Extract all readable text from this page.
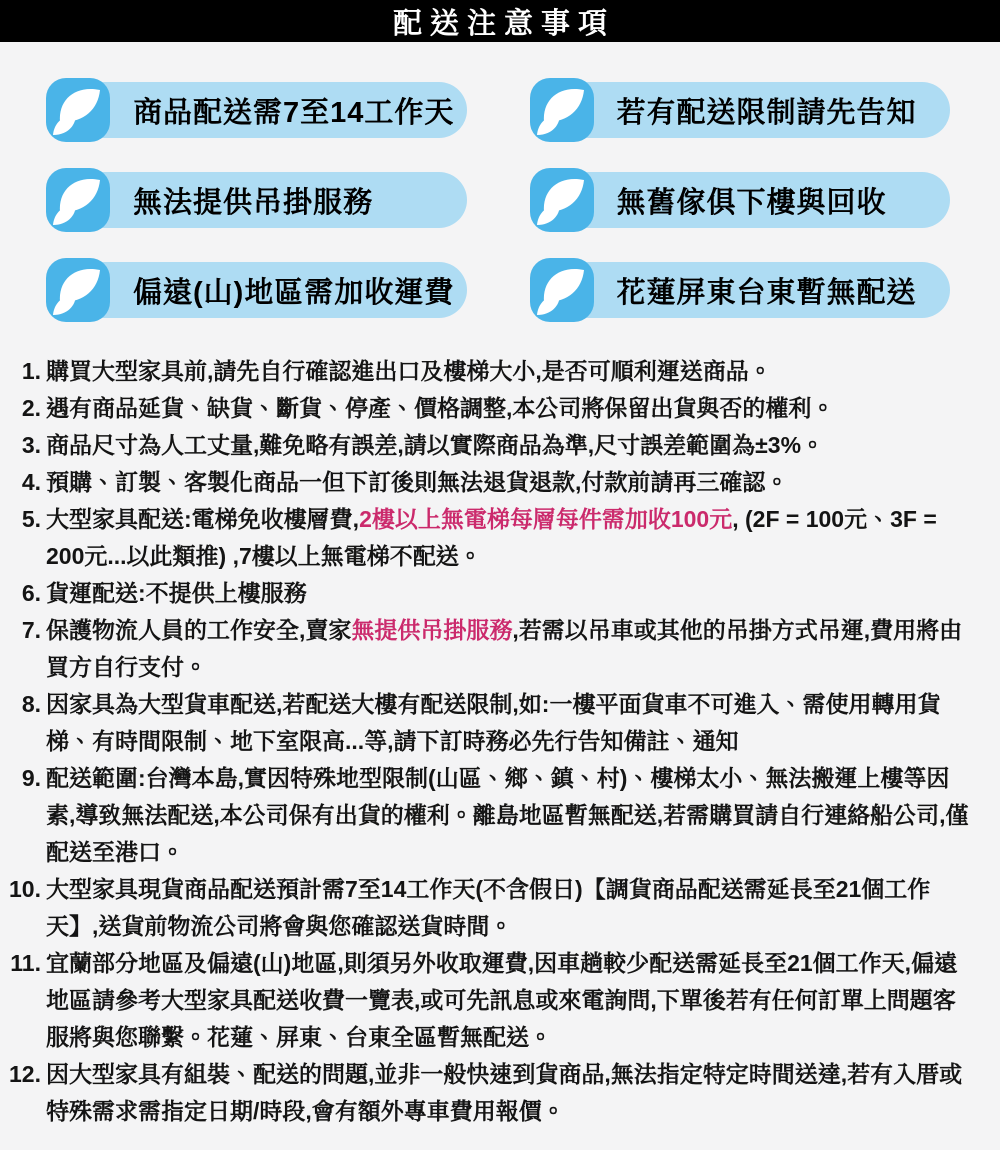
配送注意事項
商品配送需7至14工作天	若有配送限制請先告知
無法提供吊掛服務	無舊傢俱下樓與回收
偏遠(山)地區需加收運費	花蓮屏東台東暫無配送
1. 購買大型家具前,請先自行確認進出口及樓梯大小,是否可順利運送商品。
2. 遇有商品延貨、缺貨、斷貨、停產、價格調整,本公司將保留出貨與否的權利。
3. 商品尺寸為人工丈量,難免略有誤差,請以實際商品為準,尺寸誤差範圍為±3%。
4. 預購、訂製、客製化商品一但下訂後則無法退貨退款,付款前請再三確認。
5. 大型家具配送:電梯免收樓層費,2樓以上無電梯每層每件需加收100元, (2F = 100元、3F = 200元...以此類推) ,7樓以上無電梯不配送。
6. 貨運配送:不提供上樓服務
7. 保護物流人員的工作安全,賣家無提供吊掛服務,若需以吊車或其他的吊掛方式吊運,費用將由買方自行支付。
8. 因家具為大型貨車配送,若配送大樓有配送限制,如:一樓平面貨車不可進入、需使用轉用貨梯、有時間限制、地下室限高...等,請下訂時務必先行告知備註、通知
9. 配送範圍:台灣本島,實因特殊地型限制(山區、鄉、鎮、村)、樓梯太小、無法搬運上樓等因素,導致無法配送,本公司保有出貨的權利。離島地區暫無配送,若需購買請自行連絡船公司,僅配送至港口。
10. 大型家具現貨商品配送預計需7至14工作天(不含假日)【調貨商品配送需延長至21個工作天】,送貨前物流公司將會與您確認送貨時間。
11. 宜蘭部分地區及偏遠(山)地區,則須另外收取運費,因車趟較少配送需延長至21個工作天,偏遠地區請參考大型家具配送收費一覽表,或可先訊息或來電詢問,下單後若有任何訂單上問題客服將與您聯繫。花蓮、屏東、台東全區暫無配送。
12. 因大型家具有組裝、配送的問題,並非一般快速到貨商品,無法指定特定時間送達,若有入厝或特殊需求需指定日期/時段,會有額外專車費用報價。
